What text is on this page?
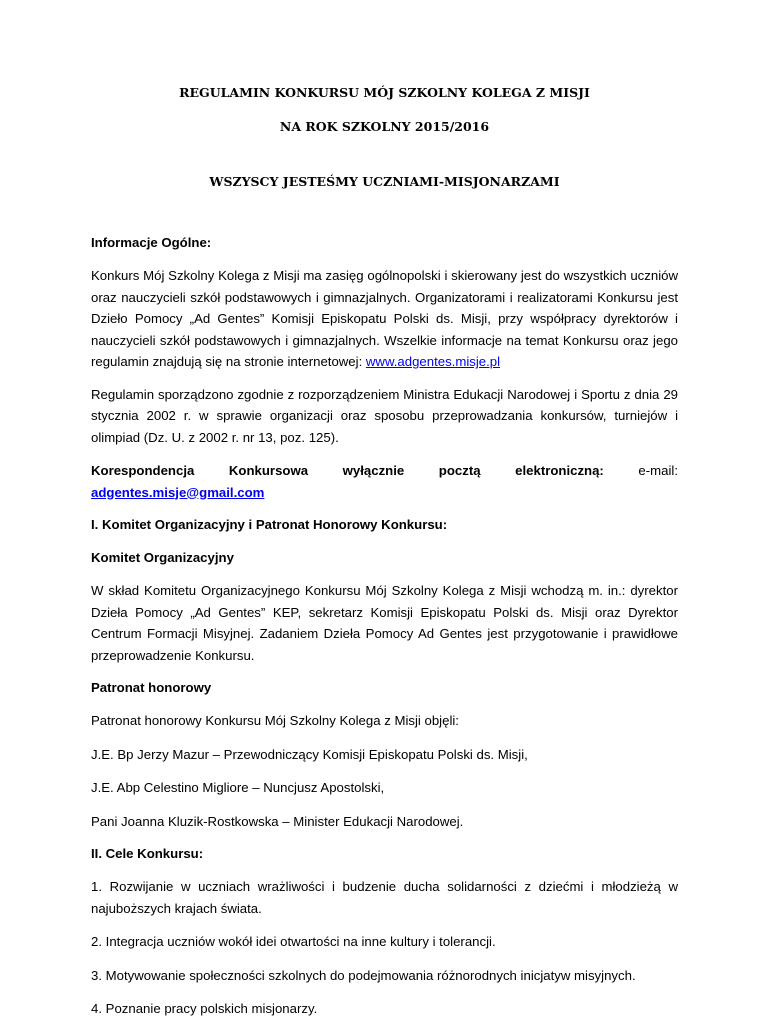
REGULAMIN KONKURSU MÓJ SZKOLNY KOLEGA Z MISJI

NA ROK SZKOLNY 2015/2016

WSZYSCY JESTEŚMY UCZNIAMI-MISJONARZAMI

Informacje Ogólne:

Konkurs Mój Szkolny Kolega z Misji ma zasięg ogólnopolski i skierowany jest do wszystkich uczniów oraz nauczycieli szkół podstawowych i gimnazjalnych. Organizatorami i realizatorami Konkursu jest Dzieło Pomocy „Ad Gentes” Komisji Episkopatu Polski ds. Misji, przy współpracy dyrektorów i nauczycieli szkół podstawowych i gimnazjalnych. Wszelkie informacje na temat Konkursu oraz jego regulamin znajdują się na stronie internetowej: www.adgentes.misje.pl

Regulamin sporządzono zgodnie z rozporządzeniem Ministra Edukacji Narodowej i Sportu z dnia 29 stycznia 2002 r. w sprawie organizacji oraz sposobu przeprowadzania konkursów, turniejów i olimpiad (Dz. U. z 2002 r. nr 13, poz. 125).

Korespondencja Konkursowa wyłącznie pocztą elektroniczną: e-mail: adgentes.misje@gmail.com

I. Komitet Organizacyjny i Patronat Honorowy Konkursu:

Komitet Organizacyjny

W skład Komitetu Organizacyjnego Konkursu Mój Szkolny Kolega z Misji wchodzą m. in.: dyrektor Dzieła Pomocy „Ad Gentes” KEP, sekretarz Komisji Episkopatu Polski ds. Misji oraz Dyrektor Centrum Formacji Misyjnej. Zadaniem Dzieła Pomocy Ad Gentes jest przygotowanie i prawidłowe przeprowadzenie Konkursu.

Patronat honorowy

Patronat honorowy Konkursu Mój Szkolny Kolega z Misji objęli:

J.E. Bp Jerzy Mazur – Przewodniczący Komisji Episkopatu Polski ds. Misji,

J.E. Abp Celestino Migliore – Nuncjusz Apostolski,

Pani Joanna Kluzik-Rostkowska – Minister Edukacji Narodowej.

II. Cele Konkursu:

1. Rozwijanie w uczniach wrażliwości i budzenie ducha solidarności z dziećmi i młodzieżą w najuboższych krajach świata.

2. Integracja uczniów wokół idei otwartości na inne kultury i tolerancji.

3. Motywowanie społeczności szkolnych do podejmowania różnorodnych inicjatyw misyjnych.

4. Poznanie pracy polskich misjonarzy.
